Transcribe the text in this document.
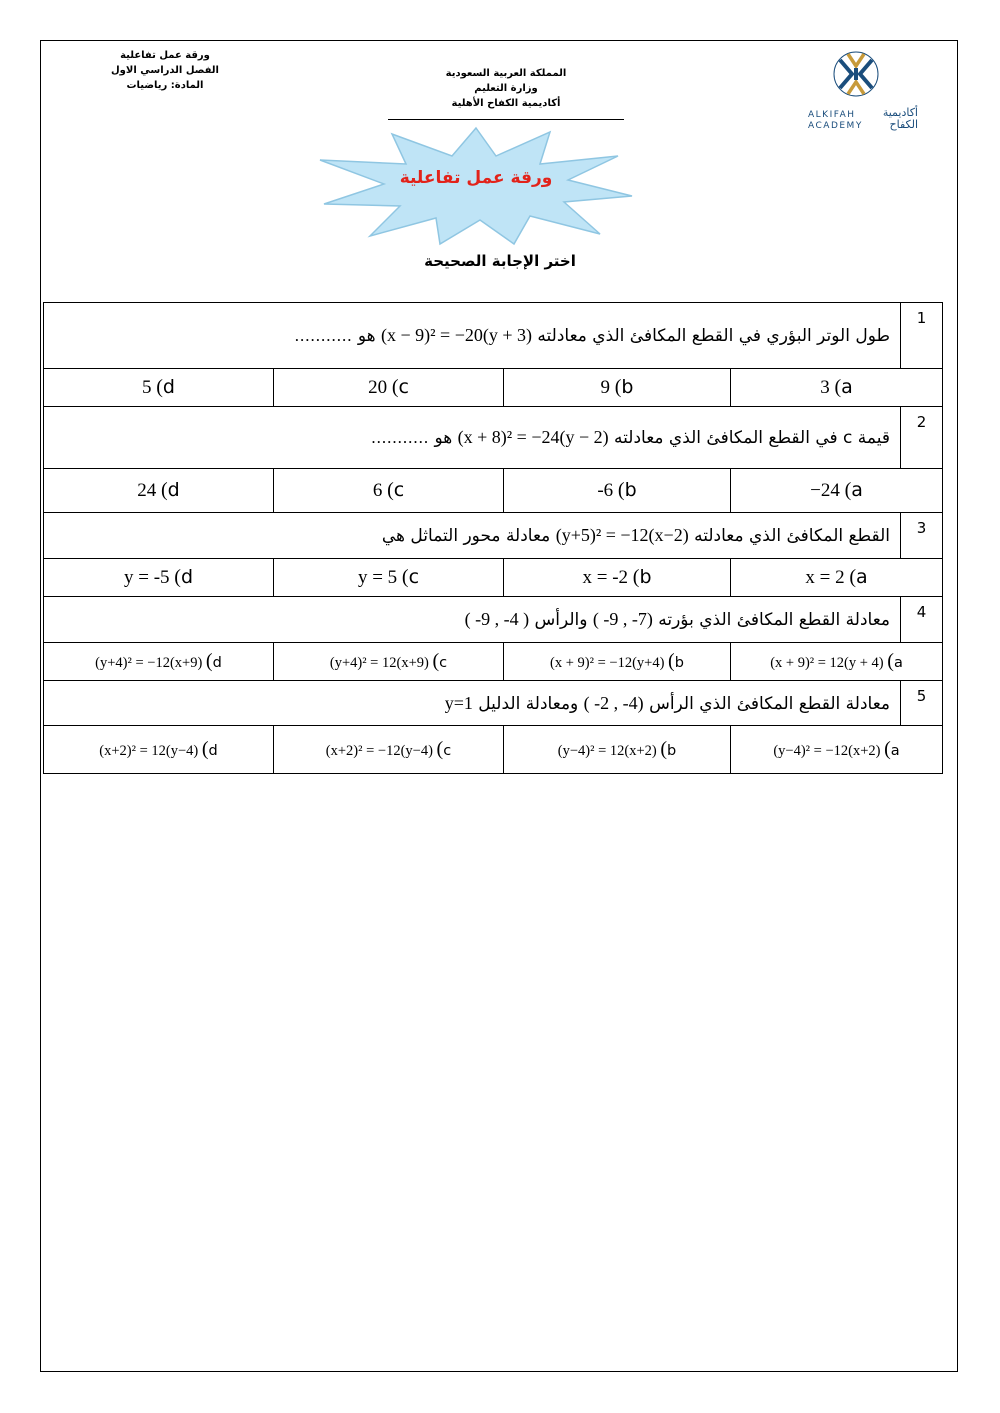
ورقة عمل تفاعلية
الفصل الدراسي الاول
المادة: رياضيات
المملكة العربية السعودية
وزارة التعليم
أكاديمية الكفاح الأهلية
ALKIFAH
ACADEMY
أكاديمية
الكفاح
ورقة عمل تفاعلية
اختر الإجابة الصحيحة
طول الوتر البؤري في القطع المكافئ الذي معادلته (x − 9)² = −20(y + 3) هو ...........				1
5 (d	20 (c	9 (b	3 (a	
قيمة c في القطع المكافئ الذي معادلته (x + 8)² = −24(y − 2) هو ...........				2
24 (d	6 (c	-6 (b	−24 (a	
القطع المكافئ الذي معادلته (y+5)² = −12(x−2) معادلة محور التماثل هي				3
y = -5 (d	y = 5 (c	x = -2 (b	x = 2 (a	
معادلة القطع المكافئ الذي بؤرته ( -9 , -7) والرأس ( -9 , -4 )				4
(y+4)² = −12(x+9) (d	(y+4)² = 12(x+9) (c	(x + 9)² = −12(y+4) (b	(x + 9)² = 12(y + 4) (a	
معادلة القطع المكافئ الذي الرأس ( -2 , -4) ومعادلة الدليل y=1				5
(x+2)² = 12(y−4) (d	(x+2)² = −12(y−4) (c	(y−4)² = 12(x+2) (b	(y−4)² = −12(x+2) (a	
